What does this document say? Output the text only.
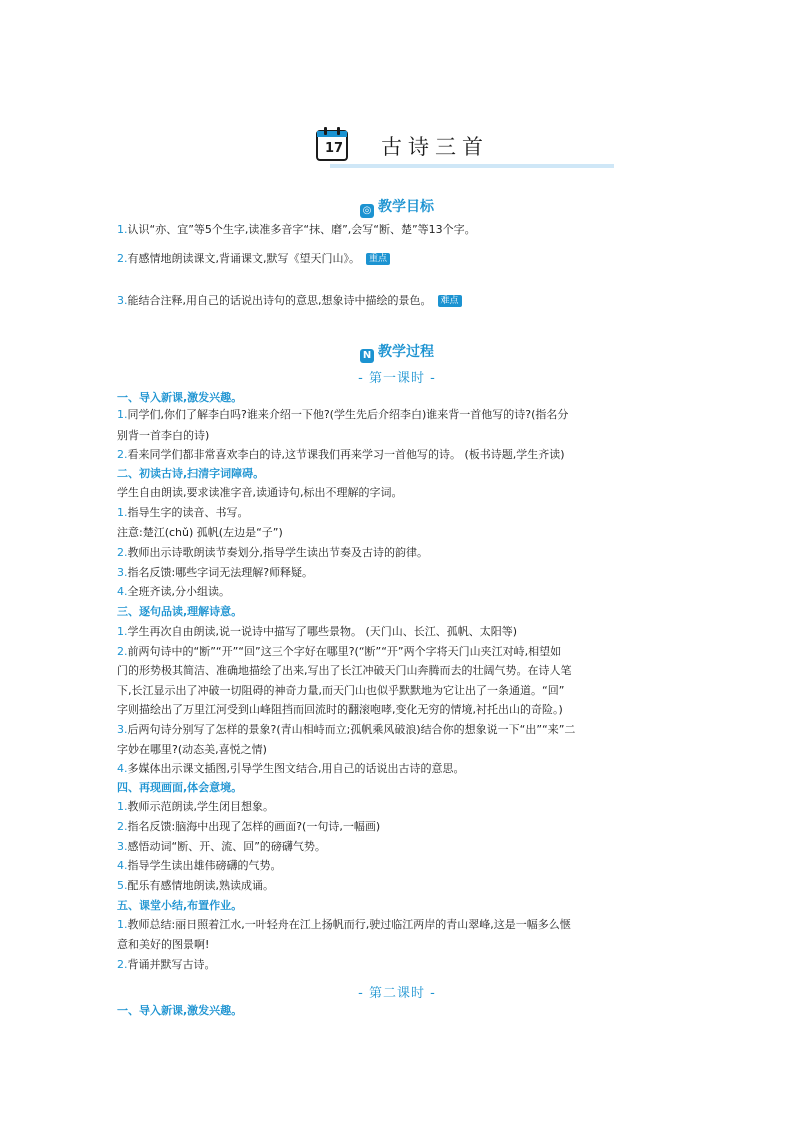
17 古诗三首
◎ 教学目标
1.认识“亦、宜”等5个生字,读准多音字“抹、磨”,会写“断、楚”等13个字。
2.有感情地朗读课文,背诵课文,默写《望天门山》。 重点
3.能结合注释,用自己的话说出诗句的意思,想象诗中描绘的景色。 难点
N 教学过程
- 第一课时 -
一、导入新课,激发兴趣。
1.同学们,你们了解李白吗?谁来介绍一下他?(学生先后介绍李白)谁来背一首他写的诗?(指名分
别背一首李白的诗)
2.看来同学们都非常喜欢李白的诗,这节课我们再来学习一首他写的诗。 (板书诗题,学生齐读)
二、初读古诗,扫清字词障碍。
学生自由朗读,要求读准字音,读通诗句,标出不理解的字词。
1.指导生字的读音、书写。
注意:楚江(chǔ) 孤帆(左边是“子”)
2.教师出示诗歌朗读节奏划分,指导学生读出节奏及古诗的韵律。
3.指名反馈:哪些字词无法理解?师释疑。
4.全班齐读,分小组读。
三、逐句品读,理解诗意。
1.学生再次自由朗读,说一说诗中描写了哪些景物。 (天门山、长江、孤帆、太阳等)
2.前两句诗中的“断”“开”“回”这三个字好在哪里?(“断”“开”两个字将天门山夹江对峙,相望如
门的形势极其简洁、准确地描绘了出来,写出了长江冲破天门山奔腾而去的壮阔气势。在诗人笔
下,长江显示出了冲破一切阻碍的神奇力量,而天门山也似乎默默地为它让出了一条通道。“回”
字则描绘出了万里江河受到山峰阻挡而回流时的翻滚咆哮,变化无穷的情境,衬托出山的奇险。)
3.后两句诗分别写了怎样的景象?(青山相峙而立;孤帆乘风破浪)结合你的想象说一下“出”“来”二
字妙在哪里?(动态美,喜悦之情)
4.多媒体出示课文插图,引导学生图文结合,用自己的话说出古诗的意思。
四、再现画面,体会意境。
1.教师示范朗读,学生闭目想象。
2.指名反馈:脑海中出现了怎样的画面?(一句诗,一幅画)
3.感悟动词“断、开、流、回”的磅礴气势。
4.指导学生读出雄伟磅礴的气势。
5.配乐有感情地朗读,熟读成诵。
五、课堂小结,布置作业。
1.教师总结:丽日照着江水,一叶轻舟在江上扬帆而行,驶过临江两岸的青山翠峰,这是一幅多么惬
意和美好的图景啊!
2.背诵并默写古诗。
- 第二课时 -
一、导入新课,激发兴趣。
